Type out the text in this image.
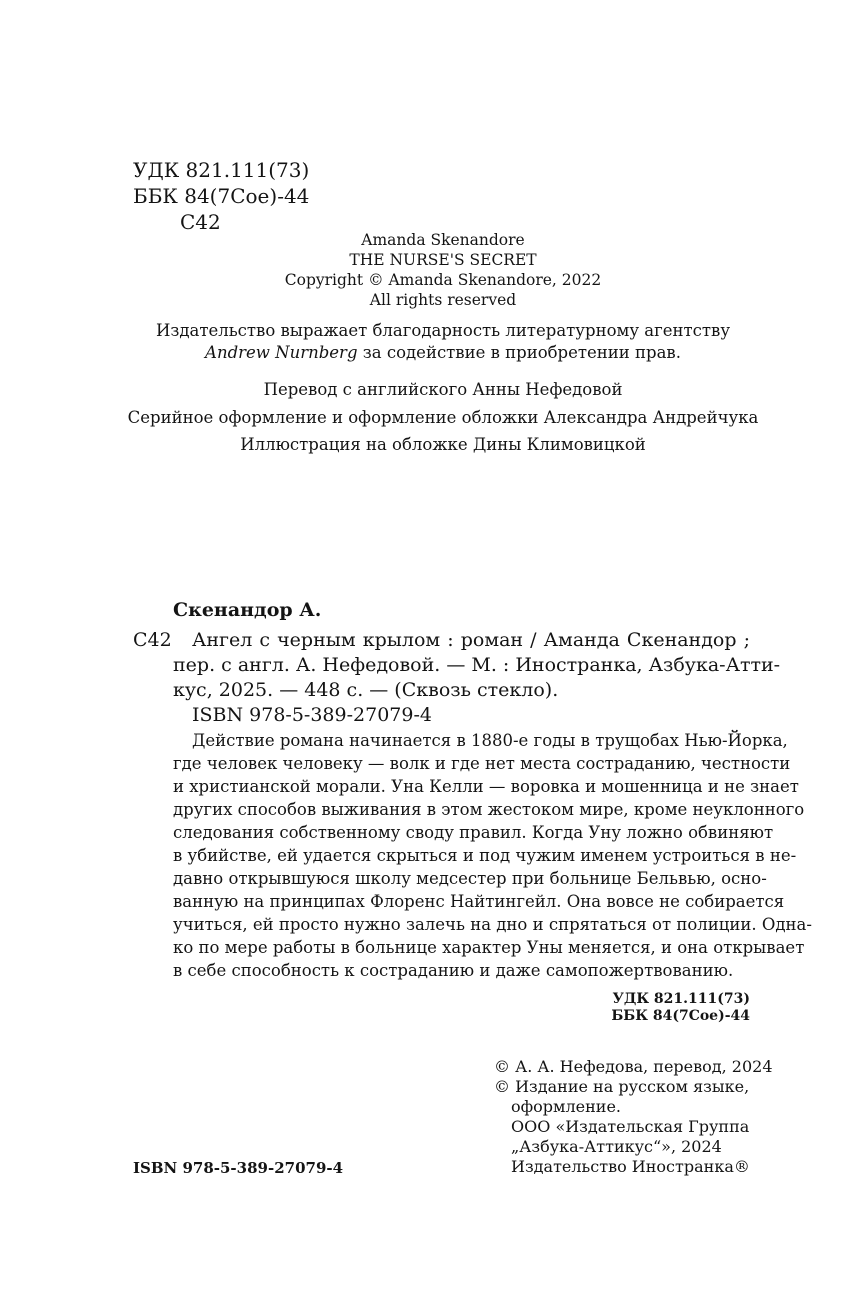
УДК 821.111(73)
ББК 84(7Сое)-44
С42
Amanda Skenandore
THE NURSE'S SECRET
Copyright © Amanda Skenandore, 2022
All rights reserved
Издательство выражает благодарность литературному агентству
Andrew Nurnberg за содействие в приобретении прав.
Перевод с английского Анны Нефедовой
Серийное оформление и оформление обложки Александра Андрейчука
Иллюстрация на обложке Дины Климовицкой
Скенандор А.
С42 Ангел с черным крылом : роман / Аманда Скенандор ;
пер. с англ. А. Нефедовой. — М. : Иностранка, Азбука-Атти-
кус, 2025. — 448 с. — (Сквозь стекло).
ISBN 978-5-389-27079-4
Действие романа начинается в 1880-е годы в трущобах Нью-Йорка,
где человек человеку — волк и где нет места состраданию, честности
и христианской морали. Уна Келли — воровка и мошенница и не знает
других способов выживания в этом жестоком мире, кроме неуклонного
следования собственному своду правил. Когда Уну ложно обвиняют
в убийстве, ей удается скрыться и под чужим именем устроиться в не-
давно открывшуюся школу медсестер при больнице Бельвью, осно-
ванную на принципах Флоренс Найтингейл. Она вовсе не собирается
учиться, ей просто нужно залечь на дно и спрятаться от полиции. Одна-
ко по мере работы в больнице характер Уны меняется, и она открывает
в себе способность к состраданию и даже самопожертвованию.
УДК 821.111(73)
ББК 84(7Сое)-44
© А. А. Нефедова, перевод, 2024
© Издание на русском языке,
оформление.
ООО «Издательская Группа
„Азбука-Аттикус“», 2024
Издательство Иностранка®
ISBN 978-5-389-27079-4
